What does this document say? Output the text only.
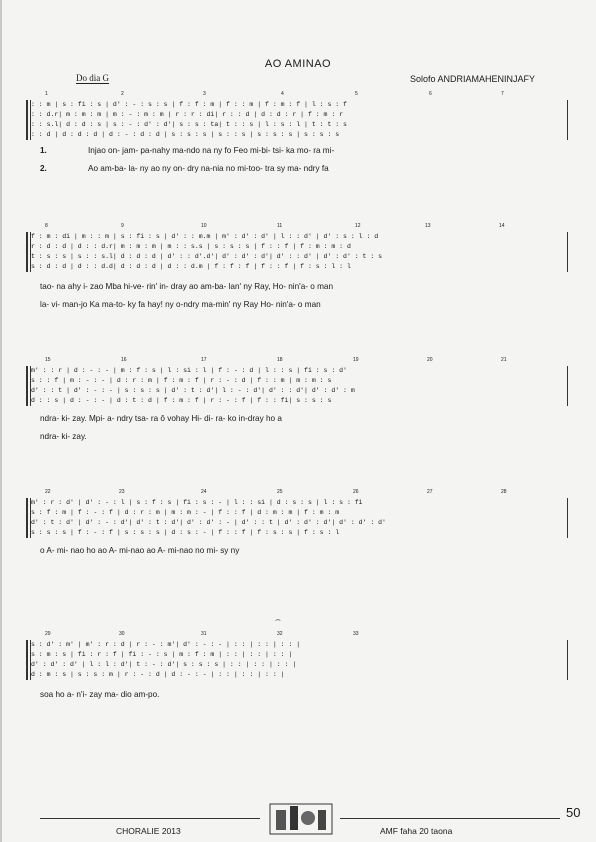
AO AMINAO
Do dia G	Solofo ANDRIAMAHENINJAFY
1	2	3	4	5	6	7
: : m | s : fi : s | d' : - : s : s | f : f : m | f : : m | f : m : f | l : s : f
: : d.r| m : m : m | m : - : m : m | r : r : di| r : : d | d : d : r | f : m : r
: : s.l| d : d : s | s : - : d' : d'| s : s : ta| t : : s | l : s : l | t : t : s
: : d | d : d : d | d : - : d : d | s : s : s | s : : s | s : s : s | s : s : s
1.	Injao on- jam- pa-nahy ma-ndo na ny fo Feo mi-bi- tsi- ka mo- ra mi-
2.	Ao am-ba- la- ny ao ny on- dry na-nia no mi-too- tra sy ma- ndry fa
8	9	10	11	12	13	14
f : m : di | m : : m | s : fi : s | d' : : m.m | m' : d' : d' | l : : d' | d' : s : l : d
r : d : d | d : : d.r| m : m : m | m : : s.s | s : s : s | f : : f | f : m : m : d
t : s : s | s : : s.l| d : d : d | d' : : d'.d'| d' : d' : d'| d' : : d' | d' : d' : t : s
s : d : d | d : : d.d| d : d : d | d : : d.m | f : f : f | f : : f | f : s : l : l
tao- na ahy i- zao Mba hi-ve- rin' in- dray ao am-ba- lan' ny Ray, Ho- nin'a- o man
la- vi- man-jo Ka ma-to- ky fa hay! ny o-ndry ma-min' ny Ray Ho- nin'a- o man
15	16	17	18	19	20	21
m' : : r | d : - : - | m : f : s | l : si : l | f : - : d | l : : s | fi : s : d'
s : : f | m : - : - | d : r : m | f : m : f | r : - : d | f : : m | m : m : s
d' : : t | d' : - : - | s : s : s | d' : t : d'| l : - : d'| d' : : d'| d' : d' : m
d : : s | d : - : - | d : t : d | f : m : f | r : - : f | f : : fi| s : s : s
ndra- ki- zay. Mpi- a- ndry tsa- ra ô vohay Hi- di- ra- ko in-dray ho a
ndra- ki- zay.
22	23	24	25	26	27	28
m' : r : d' | d' : - : l | s : f : s | fi : s : - | l : : si | d : s : s | l : s : fi
s : f : m | f : - : f | d : r : m | m : m : - | f : : f | d : m : m | f : m : m
d' : t : d' | d' : - : d'| d' : t : d'| d' : d' : - | d' : : t | d' : d' : d'| d' : d' : d'
s : s : s | f : - : f | s : s : s | d : s : - | f : : f | f : s : s | f : s : l
o A- mi- nao ho ao A- mi-nao ao A- mi-nao no mi- sy ny
⌢
29	30	31	32	33
s : d' : m' | m' : r : d | r : - : m'| d' : - : - | : : | : : | : : |
s : m : s | fi : r : f | fi : - : s | m : f : m | : : | : : | : : |
d' : d' : d' | l : l : d'| t : - : d'| s : s : s | : : | : : | : : |
d : m : s | s : s : m | r : - : d | d : - : - | : : | : : | : : |
soa ho a- n'i- zay ma- dio am-po.
CHORALIE 2013	AMF faha 20 taona
50
